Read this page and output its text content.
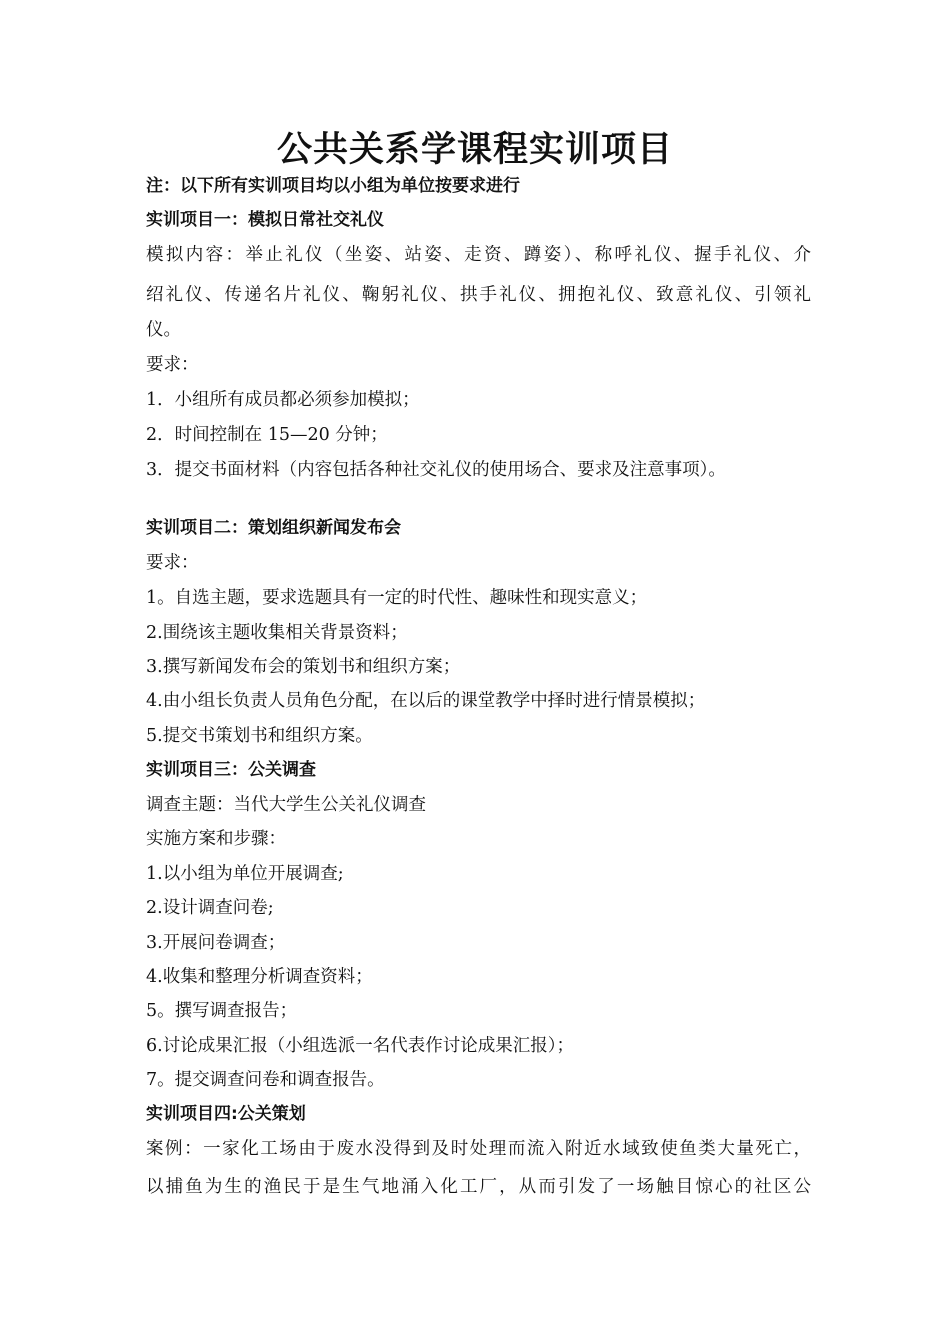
公共关系学课程实训项目

注：以下所有实训项目均以小组为单位按要求进行

实训项目一：模拟日常社交礼仪

模拟内容：举止礼仪（坐姿、站姿、走资、蹲姿）、称呼礼仪、握手礼仪、介

绍礼仪、传递名片礼仪、鞠躬礼仪、拱手礼仪、拥抱礼仪、致意礼仪、引领礼

仪。

要求：

1．小组所有成员都必须参加模拟；

2．时间控制在 15—20 分钟；

3．提交书面材料（内容包括各种社交礼仪的使用场合、要求及注意事项）。

实训项目二：策划组织新闻发布会

要求：

1。自选主题，要求选题具有一定的时代性、趣味性和现实意义；

2.围绕该主题收集相关背景资料；

3.撰写新闻发布会的策划书和组织方案；

4.由小组长负责人员角色分配，在以后的课堂教学中择时进行情景模拟；

5.提交书策划书和组织方案。

实训项目三：公关调查

调查主题：当代大学生公关礼仪调查

实施方案和步骤：

1.以小组为单位开展调查;

2.设计调查问卷;

3.开展问卷调查；

4.收集和整理分析调查资料；

5。撰写调查报告；

6.讨论成果汇报（小组选派一名代表作讨论成果汇报）；

7。提交调查问卷和调查报告。

实训项目四:公关策划

案例：一家化工场由于废水没得到及时处理而流入附近水域致使鱼类大量死亡，

以捕鱼为生的渔民于是生气地涌入化工厂，从而引发了一场触目惊心的社区公
